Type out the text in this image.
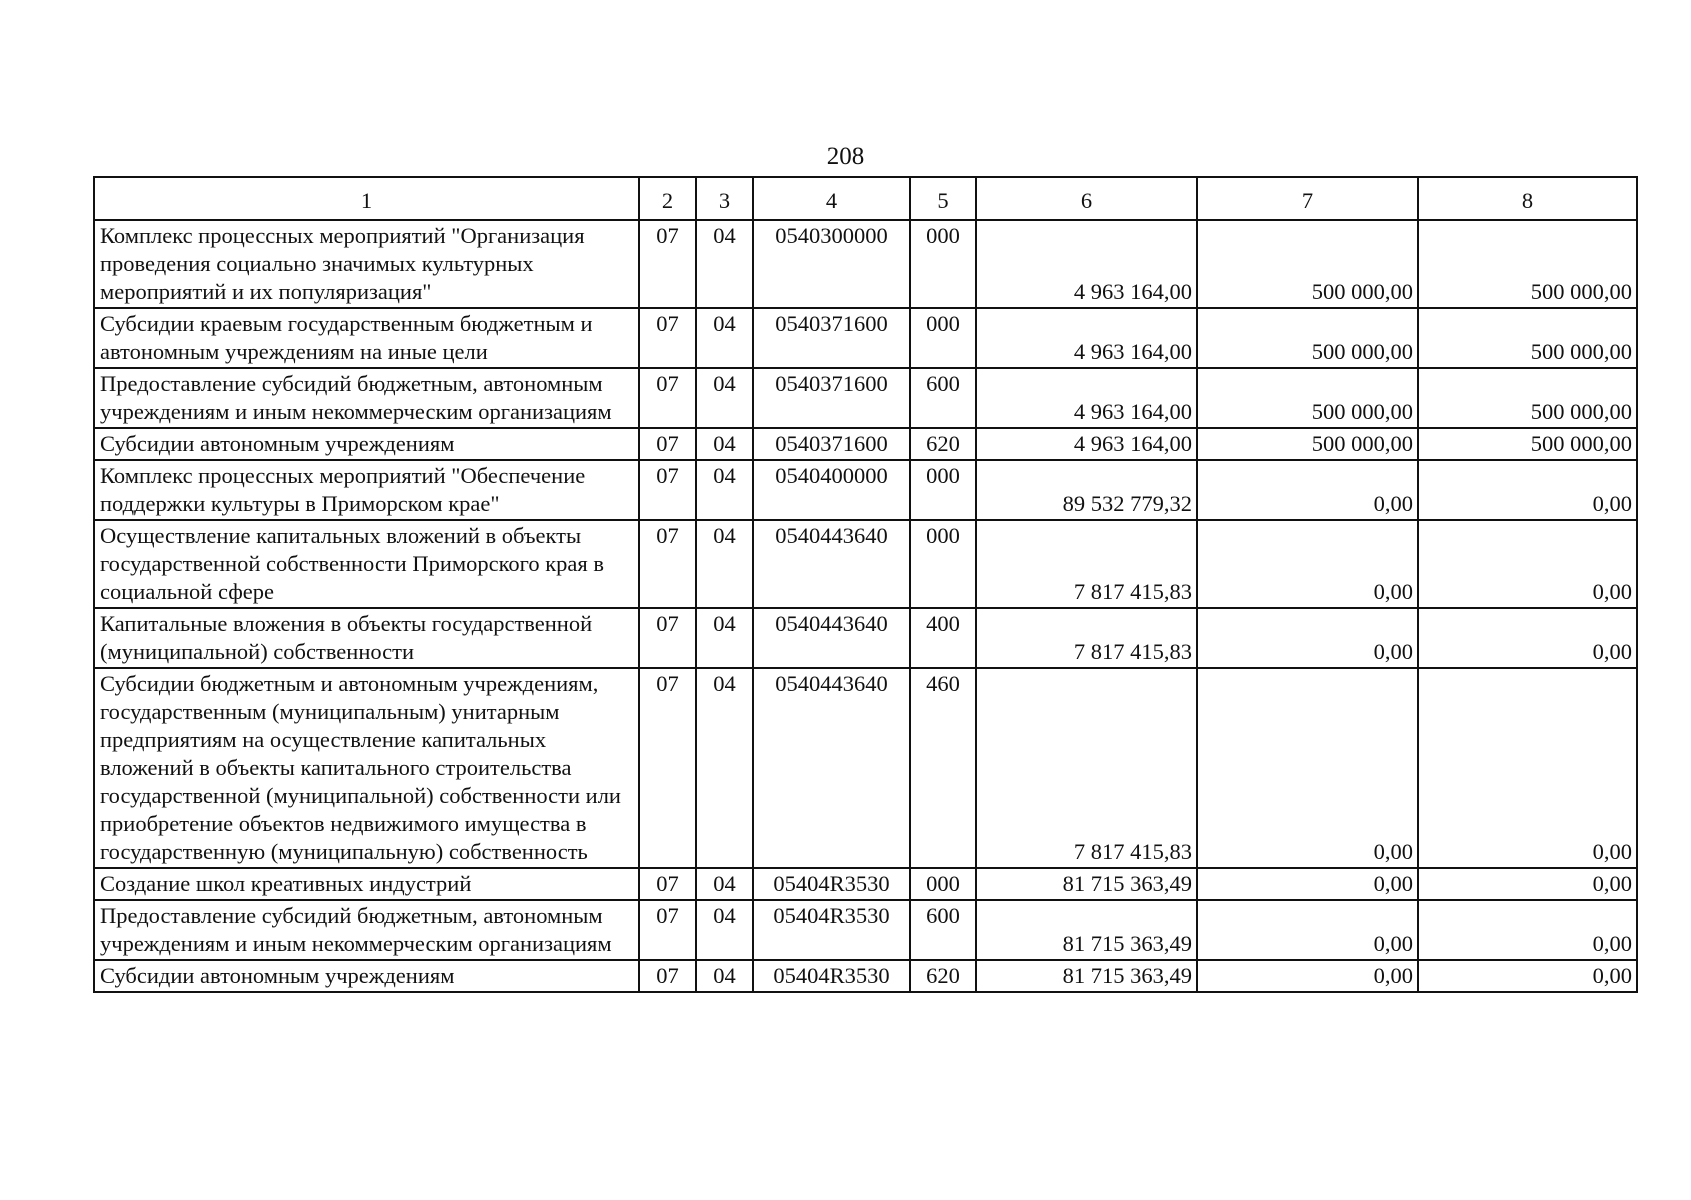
208
1	2	3	4	5	6	7	8
Комплекс процессных мероприятий "Организация проведения социально значимых культурных мероприятий и их популяризация"	07	04	0540300000	000	4 963 164,00	500 000,00	500 000,00
Субсидии краевым государственным бюджетным и автономным учреждениям на иные цели	07	04	0540371600	000	4 963 164,00	500 000,00	500 000,00
Предоставление субсидий бюджетным, автономным учреждениям и иным некоммерческим организациям	07	04	0540371600	600	4 963 164,00	500 000,00	500 000,00
Субсидии автономным учреждениям	07	04	0540371600	620	4 963 164,00	500 000,00	500 000,00
Комплекс процессных мероприятий "Обеспечение поддержки культуры в Приморском крае"	07	04	0540400000	000	89 532 779,32	0,00	0,00
Осуществление капитальных вложений в объекты государственной собственности Приморского края в социальной сфере	07	04	0540443640	000	7 817 415,83	0,00	0,00
Капитальные вложения в объекты государственной (муниципальной) собственности	07	04	0540443640	400	7 817 415,83	0,00	0,00
Субсидии бюджетным и автономным учреждениям, государственным (муниципальным) унитарным предприятиям на осуществление капитальных вложений в объекты капитального строительства государственной (муниципальной) собственности или приобретение объектов недвижимого имущества в государственную (муниципальную) собственность	07	04	0540443640	460	7 817 415,83	0,00	0,00
Создание школ креативных индустрий	07	04	05404R3530	000	81 715 363,49	0,00	0,00
Предоставление субсидий бюджетным, автономным учреждениям и иным некоммерческим организациям	07	04	05404R3530	600	81 715 363,49	0,00	0,00
Субсидии автономным учреждениям	07	04	05404R3530	620	81 715 363,49	0,00	0,00
